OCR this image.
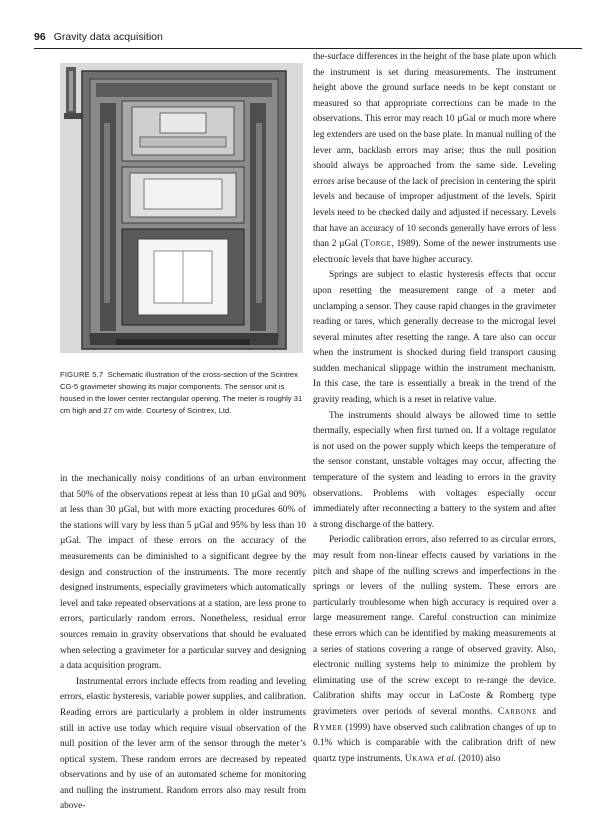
96 Gravity data acquisition
FIGURE 5.7 Schematic illustration of the cross-section of the Scintrex CG-5 gravimeter showing its major components. The sensor unit is housed in the lower center rectangular opening. The meter is roughly 31 cm high and 27 cm wide. Courtesy of Scintrex, Ltd.

in the mechanically noisy conditions of an urban environment that 50% of the observations repeat at less than 10 µGal and 90% at less than 30 µGal, but with more exacting procedures 60% of the stations will vary by less than 5 µGal and 95% by less than 10 µGal. The impact of these errors on the accuracy of the measurements can be diminished to a significant degree by the design and construction of the instruments. The more recently designed instruments, especially gravimeters which automatically level and take repeated observations at a station, are less prone to errors, particularly random errors. Nonetheless, residual error sources remain in gravity observations that should be evaluated when selecting a gravimeter for a particular survey and designing a data acquisition program.

Instrumental errors include effects from reading and leveling errors, elastic hysteresis, variable power supplies, and calibration. Reading errors are particularly a problem in older instruments still in active use today which require visual observation of the null position of the lever arm of the sensor through the meter’s optical system. These random errors are decreased by repeated observations and by use of an automated scheme for monitoring and nulling the instrument. Random errors also may result from above-

the-surface differences in the height of the base plate upon which the instrument is set during measurements. The instrument height above the ground surface needs to be kept constant or measured so that appropriate corrections can be made to the observations. This error may reach 10 µGal or much more where leg extenders are used on the base plate. In manual nulling of the lever arm, backlash errors may arise; thus the null position should always be approached from the same side. Leveling errors arise because of the lack of precision in centering the spirit levels and because of improper adjustment of the levels. Spirit levels need to be checked daily and adjusted if necessary. Levels that have an accuracy of 10 seconds generally have errors of less than 2 µGal (Torge, 1989). Some of the newer instruments use electronic levels that have higher accuracy.

Springs are subject to elastic hysteresis effects that occur upon resetting the measurement range of a meter and unclamping a sensor. They cause rapid changes in the gravimeter reading or tares, which generally decrease to the microgal level several minutes after resetting the range. A tare also can occur when the instrument is shocked during field transport causing sudden mechanical slippage within the instrument mechanism. In this case, the tare is essentially a break in the trend of the gravity reading, which is a reset in relative value.

The instruments should always be allowed time to settle thermally, especially when first turned on. If a voltage regulator is not used on the power supply which keeps the temperature of the sensor constant, unstable voltages may occur, affecting the temperature of the system and leading to errors in the gravity observations. Problems with voltages especially occur immediately after reconnecting a battery to the system and after a strong discharge of the battery.

Periodic calibration errors, also referred to as circular errors, may result from non-linear effects caused by variations in the pitch and shape of the nulling screws and imperfections in the springs or levers of the nulling system. These errors are particularly troublesome when high accuracy is required over a large measurement range. Careful construction can minimize these errors which can be identified by making measurements at a series of stations covering a range of observed gravity. Also, electronic nulling systems help to minimize the problem by eliminating use of the screw except to re-range the device. Calibration shifts may occur in LaCoste & Romberg type gravimeters over periods of several months. Carbone and Rymer (1999) have observed such calibration changes of up to 0.1% which is comparable with the calibration drift of new quartz type instruments. Ukawa et al. (2010) also
